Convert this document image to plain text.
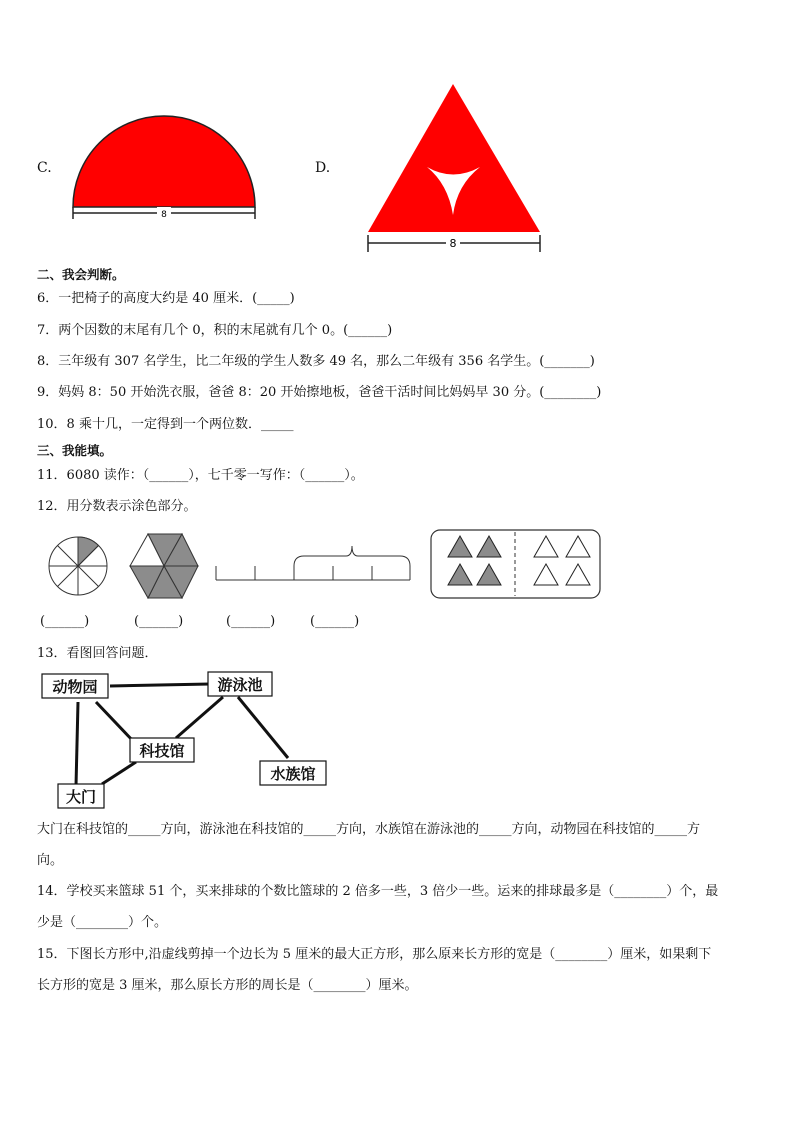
C.
8
D.
8
二、我会判断。
6．一把椅子的高度大约是 40 厘米．(_____)
7．两个因数的末尾有几个 0，积的末尾就有几个 0。(______)
8．三年级有 307 名学生，比二年级的学生人数多 49 名，那么二年级有 356 名学生。(_______)
9．妈妈 8：50 开始洗衣服，爸爸 8：20 开始擦地板，爸爸干活时间比妈妈早 30 分。(________)
10．8 乘十几，一定得到一个两位数．_____
三、我能填。
11．6080 读作：（______），七千零一写作：（______）。
12．用分数表示涂色部分。
(______)	(______)	(______)	(______)
13．看图回答问题．
动物园	游泳池
科技馆
水族馆
大门
大门在科技馆的_____方向，游泳池在科技馆的_____方向，水族馆在游泳池的_____方向，动物园在科技馆的_____方
向。
14．学校买来篮球 51 个，买来排球的个数比篮球的 2 倍多一些，3 倍少一些。运来的排球最多是（________）个，最
少是（________）个。
15．下图长方形中,沿虚线剪掉一个边长为 5 厘米的最大正方形，那么原来长方形的宽是（________）厘米，如果剩下
长方形的宽是 3 厘米，那么原长方形的周长是（________）厘米。
